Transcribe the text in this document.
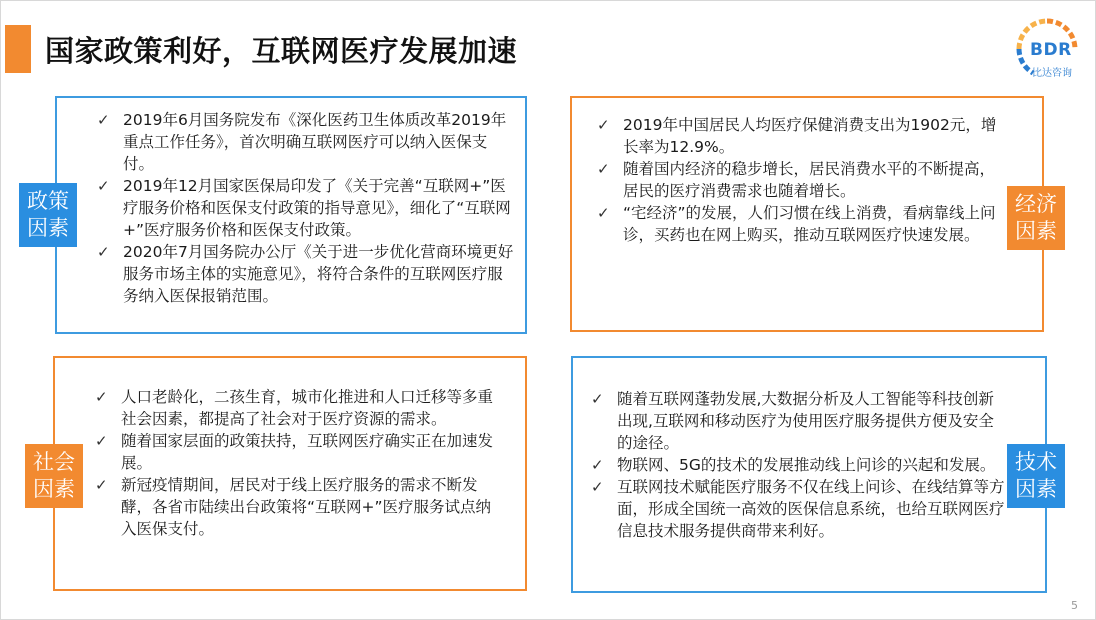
国家政策利好，互联网医疗发展加速	BDR
比达咨询
✓ 2019年6月国务院发布《深化医药卫生体质改革2019年重点工作任务》，首次明确互联网医疗可以纳入医保支付。
✓ 2019年12月国家医保局印发了《关于完善“互联网+”医疗服务价格和医保支付政策的指导意见》，细化了“互联网+”医疗服务价格和医保支付政策。
✓ 2020年7月国务院办公厅《关于进一步优化营商环境更好服务市场主体的实施意见》，将符合条件的互联网医疗服务纳入医保报销范围。
政策
因素
✓ 2019年中国居民人均医疗保健消费支出为1902元，增长率为12.9%。
✓ 随着国内经济的稳步增长，居民消费水平的不断提高，居民的医疗消费需求也随着增长。
✓ “宅经济”的发展，人们习惯在线上消费，看病靠线上问诊，买药也在网上购买，推动互联网医疗快速发展。
经济
因素
✓ 人口老龄化，二孩生育，城市化推进和人口迁移等多重社会因素，都提高了社会对于医疗资源的需求。
✓ 随着国家层面的政策扶持，互联网医疗确实正在加速发展。
✓ 新冠疫情期间，居民对于线上医疗服务的需求不断发酵，各省市陆续出台政策将“互联网+”医疗服务试点纳入医保支付。
社会
因素
✓ 随着互联网蓬勃发展,大数据分析及人工智能等科技创新出现,互联网和移动医疗为使用医疗服务提供方便及安全的途径。
✓ 物联网、5G的技术的发展推动线上问诊的兴起和发展。
✓ 互联网技术赋能医疗服务不仅在线上问诊、在线结算等方面，形成全国统一高效的医保信息系统，也给互联网医疗信息技术服务提供商带来利好。
技术
因素
5
